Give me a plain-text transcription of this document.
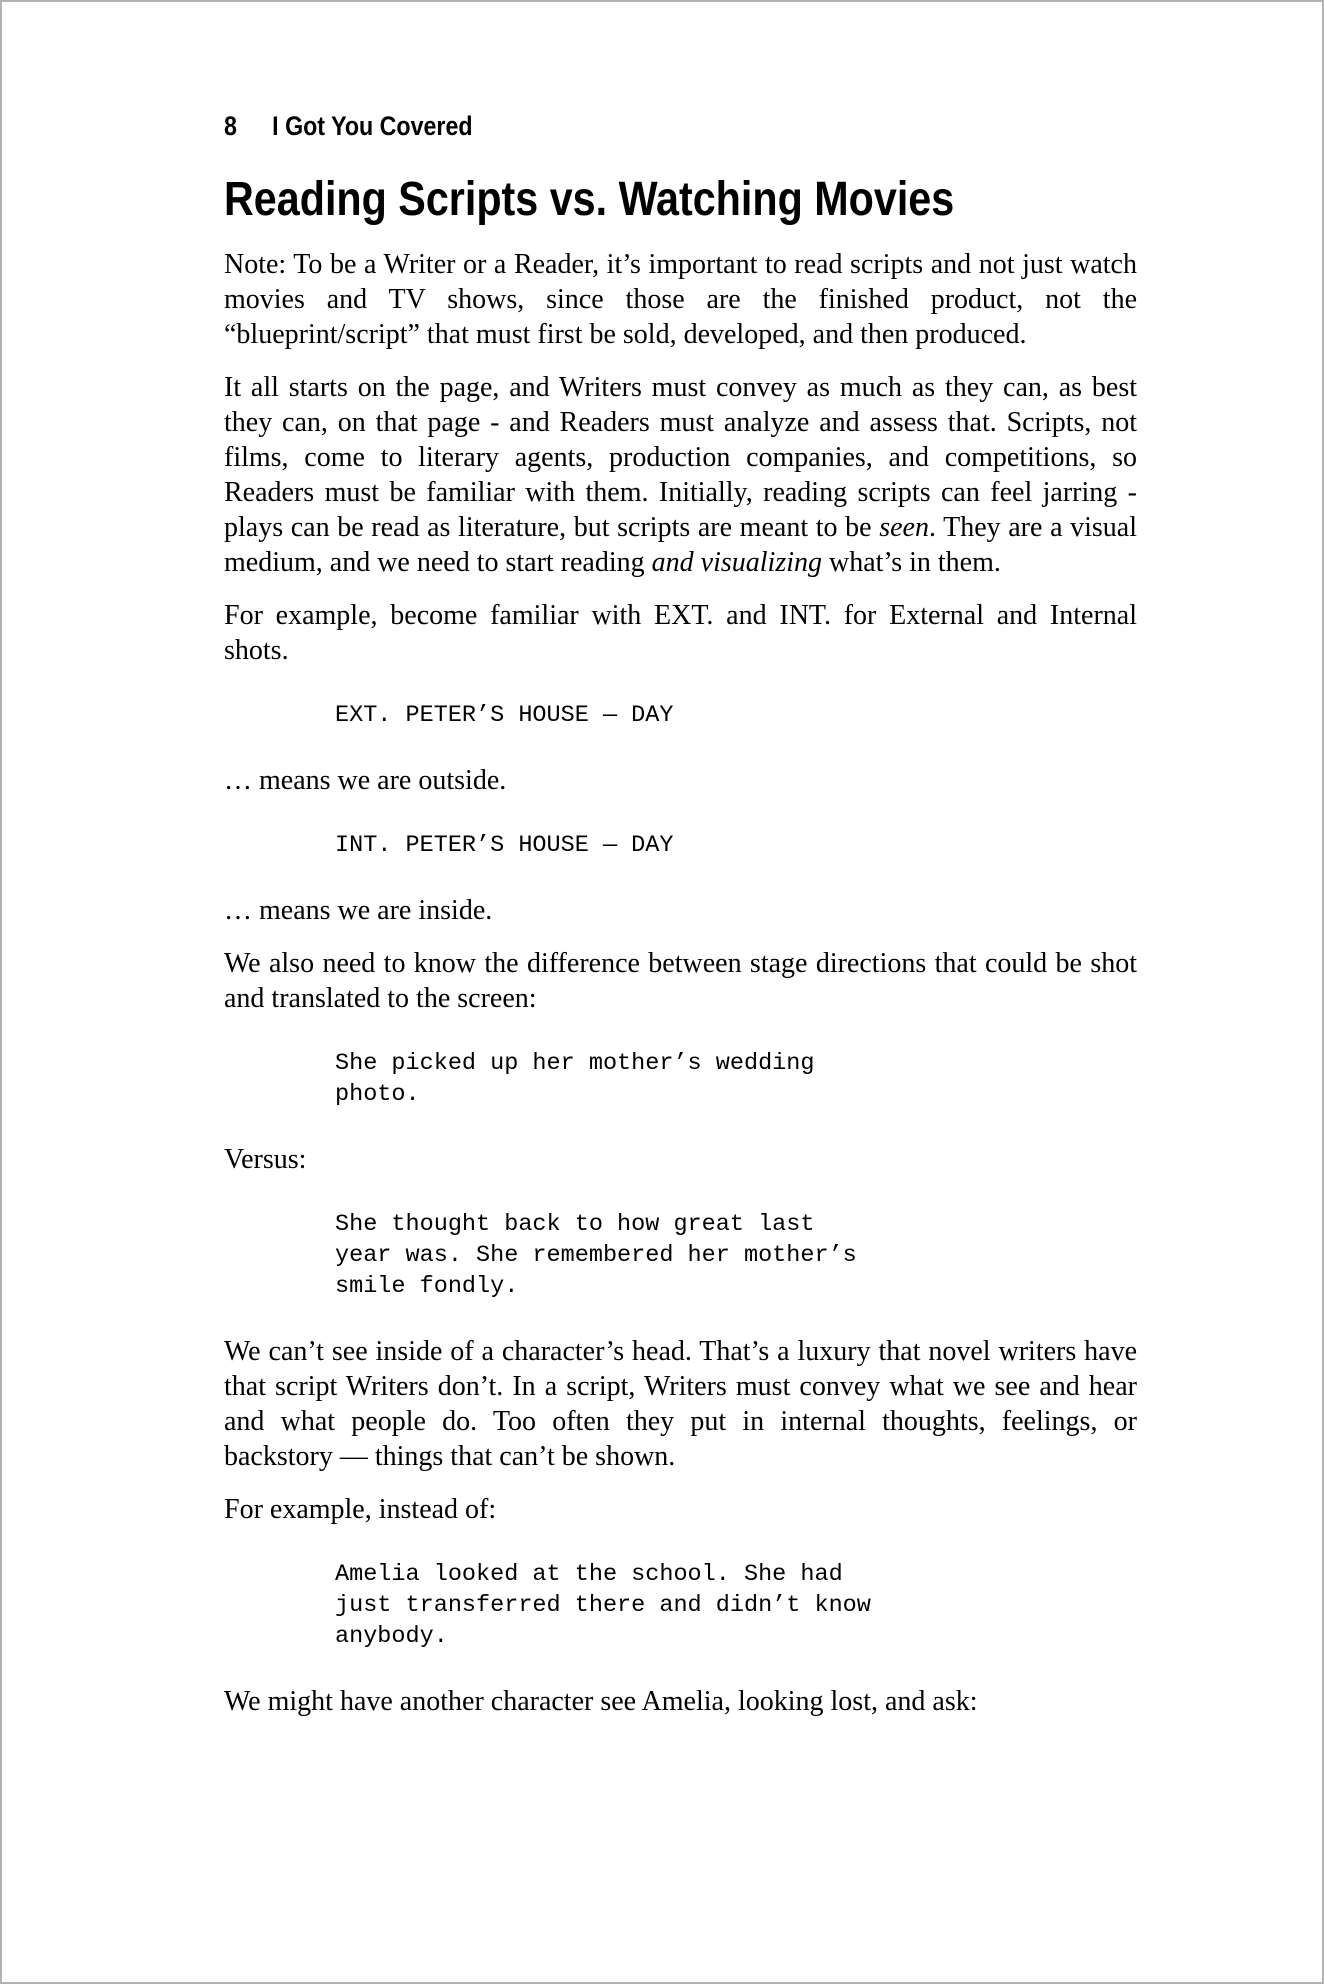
8 I Got You Covered
Reading Scripts vs. Watching Movies

Note: To be a Writer or a Reader, it’s important to read scripts and not just watch movies and TV shows, since those are the finished product, not the “blueprint/script” that must first be sold, developed, and then produced.

It all starts on the page, and Writers must convey as much as they can, as best they can, on that page - and Readers must analyze and assess that. Scripts, not films, come to literary agents, production companies, and competitions, so Readers must be familiar with them. Initially, reading scripts can feel jarring - plays can be read as literature, but scripts are meant to be seen. They are a visual medium, and we need to start reading and visualizing what’s in them.

For example, become familiar with EXT. and INT. for External and Internal shots.

EXT. PETER’S HOUSE — DAY

… means we are outside.

INT. PETER’S HOUSE — DAY

… means we are inside.

We also need to know the difference between stage directions that could be shot and translated to the screen:

She picked up her mother’s wedding
photo.

Versus:

She thought back to how great last
year was. She remembered her mother’s
smile fondly.

We can’t see inside of a character’s head. That’s a luxury that novel writers have that script Writers don’t. In a script, Writers must convey what we see and hear and what people do. Too often they put in internal thoughts, feelings, or backstory — things that can’t be shown.

For example, instead of:

Amelia looked at the school. She had
just transferred there and didn’t know
anybody.

We might have another character see Amelia, looking lost, and ask:
